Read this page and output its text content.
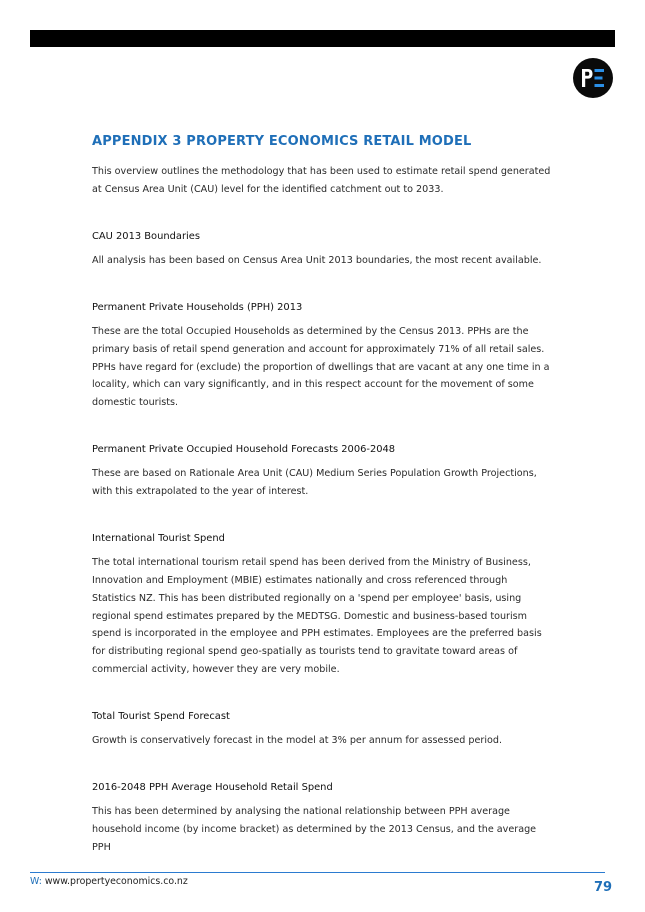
APPENDIX 3 PROPERTY ECONOMICS RETAIL MODEL

This overview outlines the methodology that has been used to estimate retail spend generated at Census Area Unit (CAU) level for the identified catchment out to 2033.

CAU 2013 Boundaries

All analysis has been based on Census Area Unit 2013 boundaries, the most recent available.

Permanent Private Households (PPH) 2013

These are the total Occupied Households as determined by the Census 2013. PPHs are the primary basis of retail spend generation and account for approximately 71% of all retail sales. PPHs have regard for (exclude) the proportion of dwellings that are vacant at any one time in a locality, which can vary significantly, and in this respect account for the movement of some domestic tourists.

Permanent Private Occupied Household Forecasts 2006-2048

These are based on Rationale Area Unit (CAU) Medium Series Population Growth Projections, with this extrapolated to the year of interest.

International Tourist Spend

The total international tourism retail spend has been derived from the Ministry of Business, Innovation and Employment (MBIE) estimates nationally and cross referenced through Statistics NZ. This has been distributed regionally on a 'spend per employee' basis, using regional spend estimates prepared by the MEDTSG. Domestic and business-based tourism spend is incorporated in the employee and PPH estimates. Employees are the preferred basis for distributing regional spend geo-spatially as tourists tend to gravitate toward areas of commercial activity, however they are very mobile.

Total Tourist Spend Forecast

Growth is conservatively forecast in the model at 3% per annum for assessed period.

2016-2048 PPH Average Household Retail Spend

This has been determined by analysing the national relationship between PPH average household income (by income bracket) as determined by the 2013 Census, and the average PPH

W: www.propertyeconomics.co.nz	79
